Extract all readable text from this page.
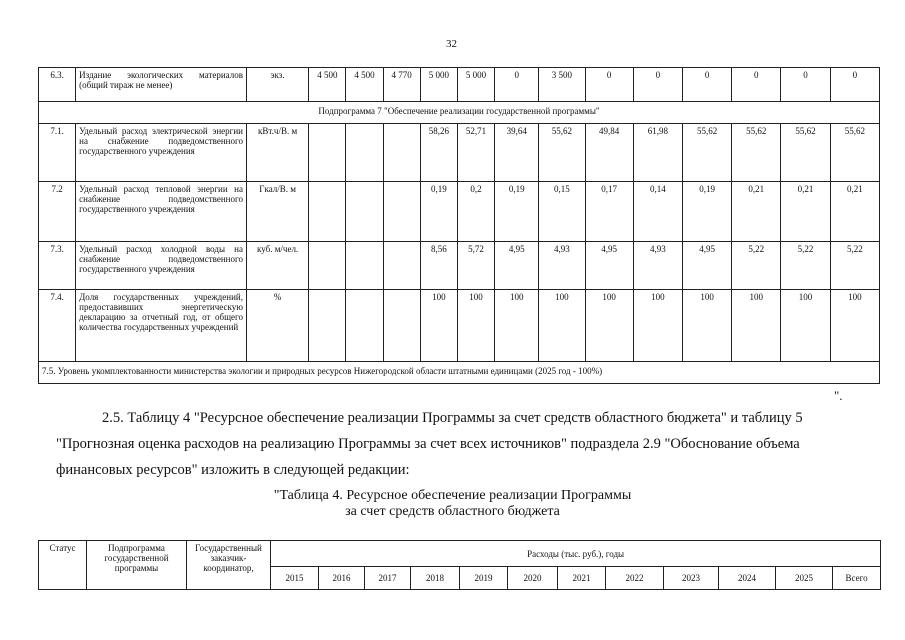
32
6.3.	Издание экологических материалов (общий тираж не менее)	экз.	4 500	4 500	4 770	5 000	5 000	0	3 500	0	0	0	0	0	0
Подпрограмма 7 "Обеспечение реализации государственной программы"															
7.1.	Удельный расход электрической энергии на снабжение подведомственного государственного учреждения	кВт.ч/В. м				58,26	52,71	39,64	55,62	49,84	61,98	55,62	55,62	55,62	55,62
7.2	Удельный расход тепловой энергии на снабжение подведомственного государственного учреждения	Гкал/В. м				0,19	0,2	0,19	0,15	0,17	0,14	0,19	0,21	0,21	0,21
7.3.	Удельный расход холодной воды на снабжение подведомственного государственного учреждения	куб. м/чел.				8,56	5,72	4,95	4,93	4,95	4,93	4,95	5,22	5,22	5,22
7.4.	Доля государственных учреждений, предоставивших энергетическую декларацию за отчетный год, от общего количества государственных учреждений	%				100	100	100	100	100	100	100	100	100	100
7.5. Уровень укомплектованности министерства экологии и природных ресурсов Нижегородской области штатными единицами (2025 год - 100%)															
".

2.5. Таблицу 4 "Ресурсное обеспечение реализации Программы за счет средств областного бюджета" и таблицу 5

"Прогнозная оценка расходов на реализацию Программы за счет всех источников" подраздела 2.9 "Обоснование объема

финансовых ресурсов" изложить в следующей редакции:

"Таблица 4. Ресурсное обеспечение реализации Программы
за счет средств областного бюджета
Статус	Подпрограмма государственной программы	Государственный заказчик-координатор,	Расходы (тыс. руб.), годы											
			2015	2016	2017	2018	2019	2020	2021	2022	2023	2024	2025	Всего
